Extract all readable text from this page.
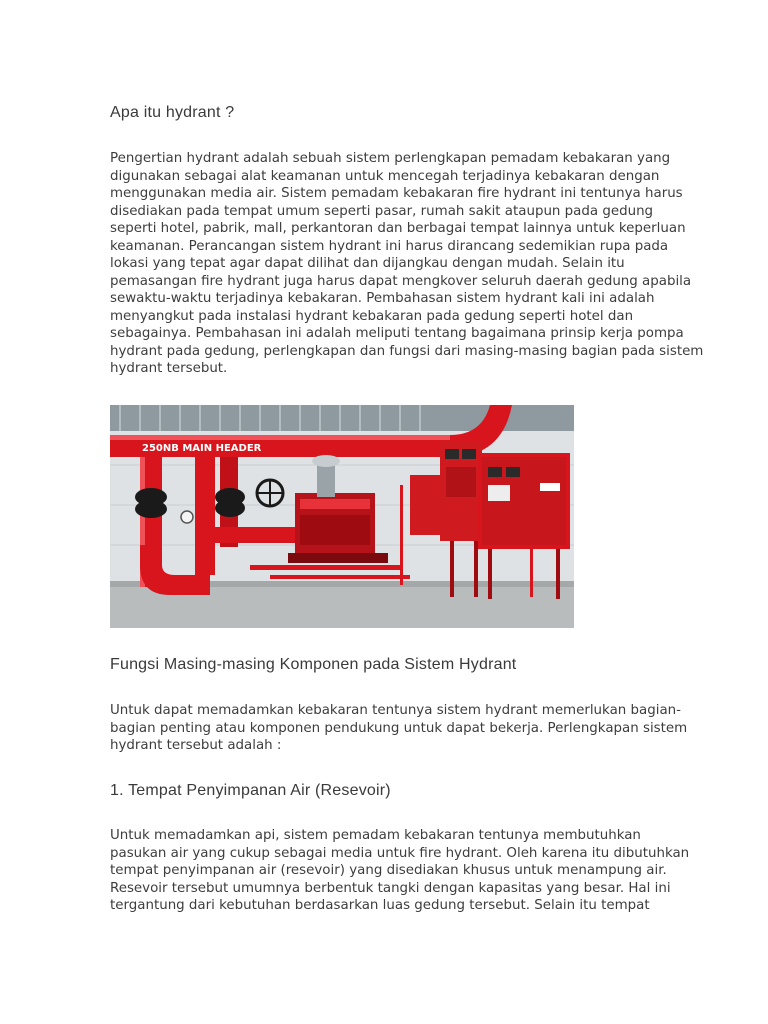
Apa itu hydrant ?

Pengertian hydrant adalah sebuah sistem perlengkapan pemadam kebakaran yang
digunakan sebagai alat keamanan untuk mencegah terjadinya kebakaran dengan
menggunakan media air. Sistem pemadam kebakaran fire hydrant ini tentunya harus
disediakan pada tempat umum seperti pasar, rumah sakit ataupun pada gedung
seperti hotel, pabrik, mall, perkantoran dan berbagai tempat lainnya untuk keperluan
keamanan. Perancangan sistem hydrant ini harus dirancang sedemikian rupa pada
lokasi yang tepat agar dapat dilihat dan dijangkau dengan mudah. Selain itu
pemasangan fire hydrant juga harus dapat mengkover seluruh daerah gedung apabila
sewaktu-waktu terjadinya kebakaran. Pembahasan sistem hydrant kali ini adalah
menyangkut pada instalasi hydrant kebakaran pada gedung seperti hotel dan
sebagainya. Pembahasan ini adalah meliputi tentang bagaimana prinsip kerja pompa
hydrant pada gedung, perlengkapan dan fungsi dari masing-masing bagian pada sistem
hydrant tersebut.

250NB MAIN HEADER
Fungsi Masing-masing Komponen pada Sistem Hydrant

Untuk dapat memadamkan kebakaran tentunya sistem hydrant memerlukan bagian-
bagian penting atau komponen pendukung untuk dapat bekerja. Perlengkapan sistem
hydrant tersebut adalah :

1. Tempat Penyimpanan Air (Resevoir)

Untuk memadamkan api, sistem pemadam kebakaran tentunya membutuhkan
pasukan air yang cukup sebagai media untuk fire hydrant. Oleh karena itu dibutuhkan
tempat penyimpanan air (resevoir) yang disediakan khusus untuk menampung air.
Resevoir tersebut umumnya berbentuk tangki dengan kapasitas yang besar. Hal ini
tergantung dari kebutuhan berdasarkan luas gedung tersebut. Selain itu tempat
